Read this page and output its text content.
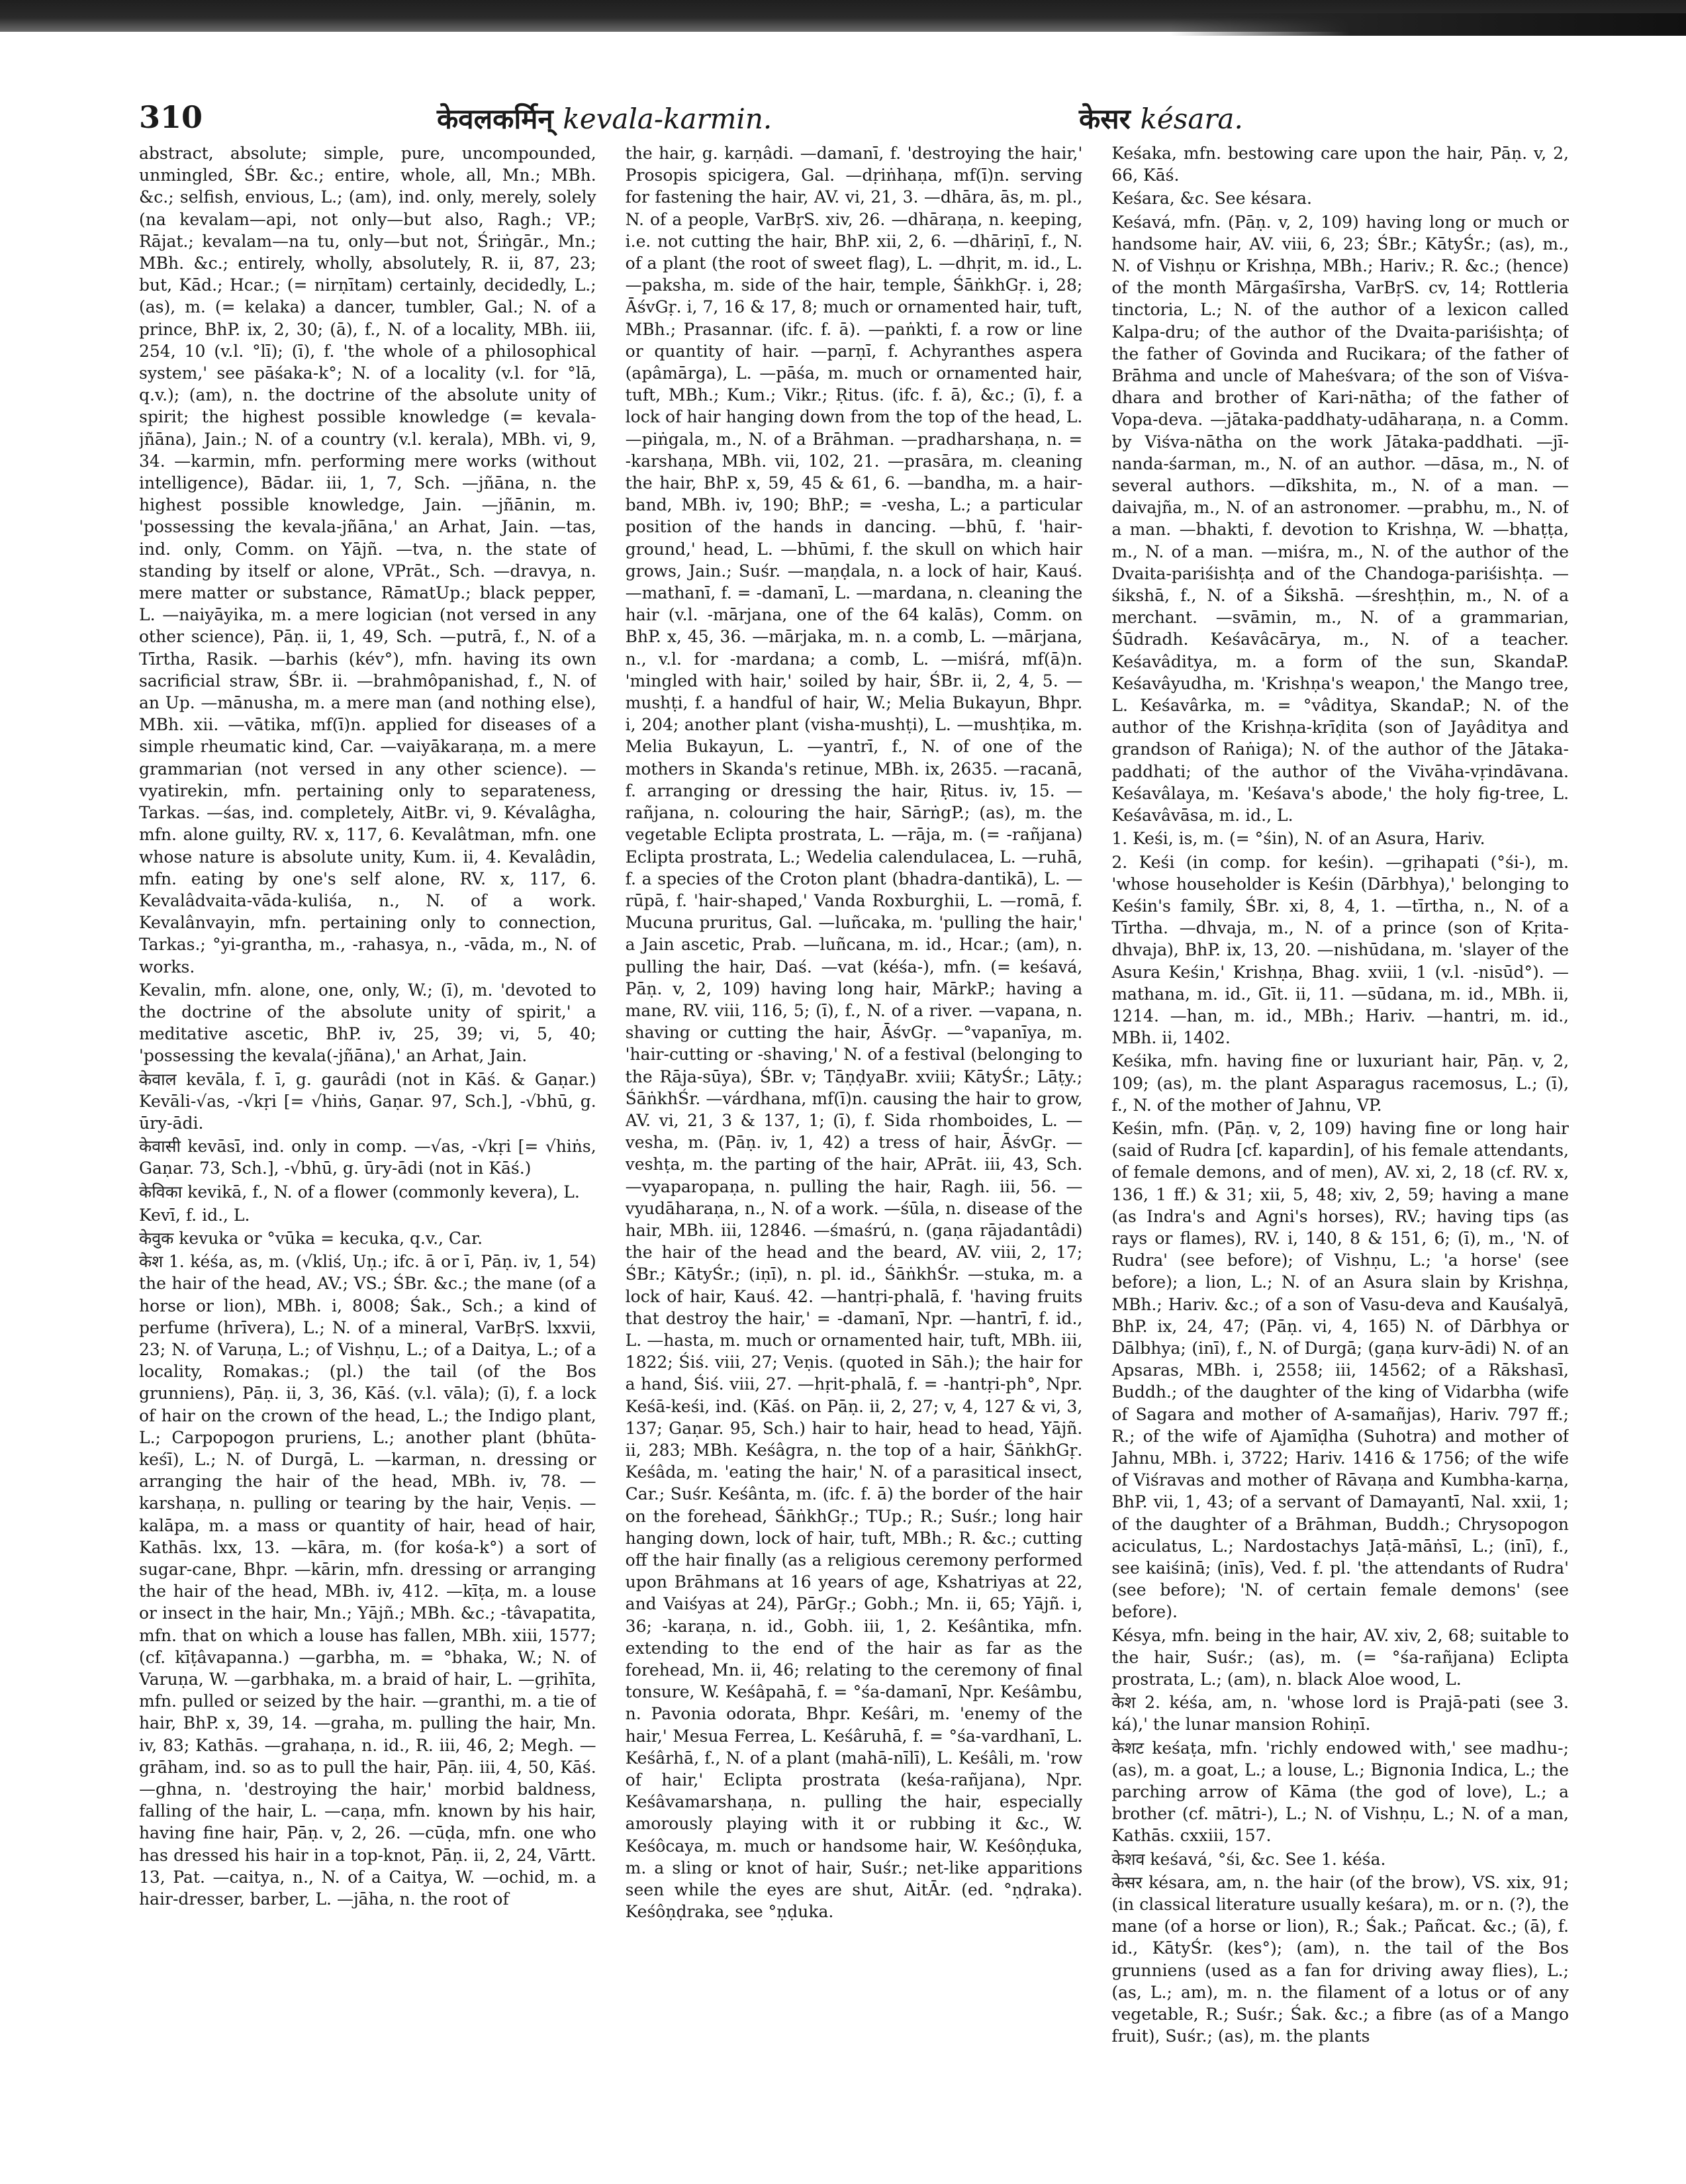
310	केवलकर्मिन् kevala-karmin.	केसर késara.

abstract, absolute; simple, pure, uncompounded, unmingled, ŚBr. &c.; entire, whole, all, Mn.; MBh. &c.; selfish, envious, L.; (am), ind. only, merely, solely (na kevalam—api, not only—but also, Ragh.; VP.; Rājat.; kevalam—na tu, only—but not, Śriṅgār., Mn.; MBh. &c.; entirely, wholly, absolutely, R. ii, 87, 23; but, Kād.; Hcar.; (= nirṇītam) certainly, decidedly, L.; (as), m. (= kelaka) a dancer, tumbler, Gal.; N. of a prince, BhP. ix, 2, 30; (ā), f., N. of a locality, MBh. iii, 254, 10 (v.l. °lī); (ī), f. 'the whole of a philosophical system,' see pāśaka-k°; N. of a locality (v.l. for °lā, q.v.); (am), n. the doctrine of the absolute unity of spirit; the highest possible knowledge (= kevala-jñāna), Jain.; N. of a country (v.l. kerala), MBh. vi, 9, 34. —karmin, mfn. performing mere works (without intelligence), Bādar. iii, 1, 7, Sch. —jñāna, n. the highest possible knowledge, Jain. —jñānin, m. 'possessing the kevala-jñāna,' an Arhat, Jain. —tas, ind. only, Comm. on Yājñ. —tva, n. the state of standing by itself or alone, VPrāt., Sch. —dravya, n. mere matter or substance, RāmatUp.; black pepper, L. —naiyāyika, m. a mere logician (not versed in any other science), Pāṇ. ii, 1, 49, Sch. —putrā, f., N. of a Tīrtha, Rasik. —barhis (kév°), mfn. having its own sacrificial straw, ŚBr. ii. —brahmôpanishad, f., N. of an Up. —mānusha, m. a mere man (and nothing else), MBh. xii. —vātika, mf(ī)n. applied for diseases of a simple rheumatic kind, Car. —vaiyākaraṇa, m. a mere grammarian (not versed in any other science). —vyatirekin, mfn. pertaining only to separateness, Tarkas. —śas, ind. completely, AitBr. vi, 9. Kévalâgha, mfn. alone guilty, RV. x, 117, 6. Kevalâtman, mfn. one whose nature is absolute unity, Kum. ii, 4. Kevalâdin, mfn. eating by one's self alone, RV. x, 117, 6. Kevalâdvaita-vāda-kuliśa, n., N. of a work. Kevalânvayin, mfn. pertaining only to connection, Tarkas.; °yi-grantha, m., -rahasya, n., -vāda, m., N. of works.

Kevalin, mfn. alone, one, only, W.; (ī), m. 'devoted to the doctrine of the absolute unity of spirit,' a meditative ascetic, BhP. iv, 25, 39; vi, 5, 40; 'possessing the kevala(-jñāna),' an Arhat, Jain.

केवाल kevāla, f. ī, g. gaurâdi (not in Kāś. & Gaṇar.) Kevāli-√as, -√kṛi [= √hiṅs, Gaṇar. 97, Sch.], -√bhū, g. ūry-ādi.

केवासी kevāsī, ind. only in comp. —√as, -√kṛi [= √hiṅs, Gaṇar. 73, Sch.], -√bhū, g. ūry-ādi (not in Kāś.)

केविका kevikā, f., N. of a flower (commonly kevera), L.

Kevī, f. id., L.

केवुक kevuka or °vūka = kecuka, q.v., Car.

केश 1. kéśa, as, m. (√kliś, Uṇ.; ifc. ā or ī, Pāṇ. iv, 1, 54) the hair of the head, AV.; VS.; ŚBr. &c.; the mane (of a horse or lion), MBh. i, 8008; Śak., Sch.; a kind of perfume (hrīvera), L.; N. of a mineral, VarBṛS. lxxvii, 23; N. of Varuṇa, L.; of Vishṇu, L.; of a Daitya, L.; of a locality, Romakas.; (pl.) the tail (of the Bos grunniens), Pāṇ. ii, 3, 36, Kāś. (v.l. vāla); (ī), f. a lock of hair on the crown of the head, L.; the Indigo plant, L.; Carpopogon pruriens, L.; another plant (bhūta-keśī), L.; N. of Durgā, L. —karman, n. dressing or arranging the hair of the head, MBh. iv, 78. —karshaṇa, n. pulling or tearing by the hair, Veṇis. —kalāpa, m. a mass or quantity of hair, head of hair, Kathās. lxx, 13. —kāra, m. (for kośa-k°) a sort of sugar-cane, Bhpr. —kārin, mfn. dressing or arranging the hair of the head, MBh. iv, 412. —kīṭa, m. a louse or insect in the hair, Mn.; Yājñ.; MBh. &c.; -tâvapatita, mfn. that on which a louse has fallen, MBh. xiii, 1577; (cf. kīṭâvapanna.) —garbha, m. = °bhaka, W.; N. of Varuṇa, W. —garbhaka, m. a braid of hair, L. —gṛihīta, mfn. pulled or seized by the hair. —granthi, m. a tie of hair, BhP. x, 39, 14. —graha, m. pulling the hair, Mn. iv, 83; Kathās. —grahaṇa, n. id., R. iii, 46, 2; Megh. —grāham, ind. so as to pull the hair, Pāṇ. iii, 4, 50, Kāś. —ghna, n. 'destroying the hair,' morbid baldness, falling of the hair, L. —caṇa, mfn. known by his hair, having fine hair, Pāṇ. v, 2, 26. —cūḍa, mfn. one who has dressed his hair in a top-knot, Pāṇ. ii, 2, 24, Vārtt. 13, Pat. —caitya, n., N. of a Caitya, W. —ochid, m. a hair-dresser, barber, L. —jāha, n. the root of

the hair, g. karṇâdi. —damanī, f. 'destroying the hair,' Prosopis spicigera, Gal. —dṛiṅhaṇa, mf(ī)n. serving for fastening the hair, AV. vi, 21, 3. —dhāra, ās, m. pl., N. of a people, VarBṛS. xiv, 26. —dhāraṇa, n. keeping, i.e. not cutting the hair, BhP. xii, 2, 6. —dhāriṇī, f., N. of a plant (the root of sweet flag), L. —dhṛit, m. id., L. —paksha, m. side of the hair, temple, ŚāṅkhGṛ. i, 28; ĀśvGṛ. i, 7, 16 & 17, 8; much or ornamented hair, tuft, MBh.; Prasannar. (ifc. f. ā). —paṅkti, f. a row or line or quantity of hair. —parṇī, f. Achyranthes aspera (apâmārga), L. —pāśa, m. much or ornamented hair, tuft, MBh.; Kum.; Vikr.; Ṛitus. (ifc. f. ā), &c.; (ī), f. a lock of hair hanging down from the top of the head, L. —piṅgala, m., N. of a Brāhman. —pradharshaṇa, n. = -karshaṇa, MBh. vii, 102, 21. —prasāra, m. cleaning the hair, BhP. x, 59, 45 & 61, 6. —bandha, m. a hair-band, MBh. iv, 190; BhP.; = -vesha, L.; a particular position of the hands in dancing. —bhū, f. 'hair-ground,' head, L. —bhūmi, f. the skull on which hair grows, Jain.; Suśr. —maṇḍala, n. a lock of hair, Kauś. —mathanī, f. = -damanī, L. —mardana, n. cleaning the hair (v.l. -mārjana, one of the 64 kalās), Comm. on BhP. x, 45, 36. —mārjaka, m. n. a comb, L. —mārjana, n., v.l. for -mardana; a comb, L. —miśrá, mf(ā)n. 'mingled with hair,' soiled by hair, ŚBr. ii, 2, 4, 5. —mushṭi, f. a handful of hair, W.; Melia Bukayun, Bhpr. i, 204; another plant (visha-mushṭi), L. —mushṭika, m. Melia Bukayun, L. —yantrī, f., N. of one of the mothers in Skanda's retinue, MBh. ix, 2635. —racanā, f. arranging or dressing the hair, Ṛitus. iv, 15. —rañjana, n. colouring the hair, SārṅgP.; (as), m. the vegetable Eclipta prostrata, L. —rāja, m. (= -rañjana) Eclipta prostrata, L.; Wedelia calendulacea, L. —ruhā, f. a species of the Croton plant (bhadra-dantikā), L. —rūpā, f. 'hair-shaped,' Vanda Roxburghii, L. —romā, f. Mucuna pruritus, Gal. —luñcaka, m. 'pulling the hair,' a Jain ascetic, Prab. —luñcana, m. id., Hcar.; (am), n. pulling the hair, Daś. —vat (kéśa-), mfn. (= keśavá, Pāṇ. v, 2, 109) having long hair, MārkP.; having a mane, RV. viii, 116, 5; (ī), f., N. of a river. —vapana, n. shaving or cutting the hair, ĀśvGṛ. —°vapanīya, m. 'hair-cutting or -shaving,' N. of a festival (belonging to the Rāja-sūya), ŚBr. v; TāṇḍyaBr. xviii; KātyŚr.; Lāṭy.; ŚāṅkhŚr. —várdhana, mf(ī)n. causing the hair to grow, AV. vi, 21, 3 & 137, 1; (ī), f. Sida rhomboides, L. —vesha, m. (Pāṇ. iv, 1, 42) a tress of hair, ĀśvGṛ. —veshṭa, m. the parting of the hair, APrāt. iii, 43, Sch. —vyaparopaṇa, n. pulling the hair, Ragh. iii, 56. —vyudāharaṇa, n., N. of a work. —śūla, n. disease of the hair, MBh. iii, 12846. —śmaśrú, n. (gaṇa rājadantâdi) the hair of the head and the beard, AV. viii, 2, 17; ŚBr.; KātyŚr.; (iṇī), n. pl. id., ŚāṅkhŚr. —stuka, m. a lock of hair, Kauś. 42. —hantṛi-phalā, f. 'having fruits that destroy the hair,' = -damanī, Npr. —hantrī, f. id., L. —hasta, m. much or ornamented hair, tuft, MBh. iii, 1822; Śiś. viii, 27; Veṇis. (quoted in Sāh.); the hair for a hand, Śiś. viii, 27. —hṛit-phalā, f. = -hantṛi-ph°, Npr. Keśā-keśi, ind. (Kāś. on Pāṇ. ii, 2, 27; v, 4, 127 & vi, 3, 137; Gaṇar. 95, Sch.) hair to hair, head to head, Yājñ. ii, 283; MBh. Keśâgra, n. the top of a hair, ŚāṅkhGṛ. Keśâda, m. 'eating the hair,' N. of a parasitical insect, Car.; Suśr. Keśânta, m. (ifc. f. ā) the border of the hair on the forehead, ŚāṅkhGṛ.; TUp.; R.; Suśr.; long hair hanging down, lock of hair, tuft, MBh.; R. &c.; cutting off the hair finally (as a religious ceremony performed upon Brāhmans at 16 years of age, Kshatriyas at 22, and Vaiśyas at 24), PārGṛ.; Gobh.; Mn. ii, 65; Yājñ. i, 36; -karaṇa, n. id., Gobh. iii, 1, 2. Keśântika, mfn. extending to the end of the hair as far as the forehead, Mn. ii, 46; relating to the ceremony of final tonsure, W. Keśâpahā, f. = °śa-damanī, Npr. Keśâmbu, n. Pavonia odorata, Bhpr. Keśâri, m. 'enemy of the hair,' Mesua Ferrea, L. Keśâruhā, f. = °śa-vardhanī, L. Keśârhā, f., N. of a plant (mahā-nīlī), L. Keśâli, m. 'row of hair,' Eclipta prostrata (keśa-rañjana), Npr. Keśâvamarshaṇa, n. pulling the hair, especially amorously playing with it or rubbing it &c., W. Keśôcaya, m. much or handsome hair, W. Keśôṇḍuka, m. a sling or knot of hair, Suśr.; net-like apparitions seen while the eyes are shut, AitĀr. (ed. °ṇḍraka). Keśôṇḍraka, see °ṇḍuka.

Keśaka, mfn. bestowing care upon the hair, Pāṇ. v, 2, 66, Kāś.

Keśara, &c. See késara.

Keśavá, mfn. (Pāṇ. v, 2, 109) having long or much or handsome hair, AV. viii, 6, 23; ŚBr.; KātyŚr.; (as), m., N. of Vishṇu or Krishṇa, MBh.; Hariv.; R. &c.; (hence) of the month Mārgaśīrsha, VarBṛS. cv, 14; Rottleria tinctoria, L.; N. of the author of a lexicon called Kalpa-dru; of the author of the Dvaita-pariśishṭa; of the father of Govinda and Rucikara; of the father of Brāhma and uncle of Maheśvara; of the son of Viśva-dhara and brother of Kari-nātha; of the father of Vopa-deva. —jātaka-paddhaty-udāharaṇa, n. a Comm. by Viśva-nātha on the work Jātaka-paddhati. —jī-nanda-śarman, m., N. of an author. —dāsa, m., N. of several authors. —dīkshita, m., N. of a man. —daivajña, m., N. of an astronomer. —prabhu, m., N. of a man. —bhakti, f. devotion to Krishṇa, W. —bhaṭṭa, m., N. of a man. —miśra, m., N. of the author of the Dvaita-pariśishṭa and of the Chandoga-pariśishṭa. —śikshā, f., N. of a Śikshā. —śreshṭhin, m., N. of a merchant. —svāmin, m., N. of a grammarian, Śūdradh. Keśavâcārya, m., N. of a teacher. Keśavâditya, m. a form of the sun, SkandaP. Keśavâyudha, m. 'Krishṇa's weapon,' the Mango tree, L. Keśavârka, m. = °vâditya, SkandaP.; N. of the author of the Krishṇa-krīḍita (son of Jayâditya and grandson of Raṅiga); N. of the author of the Jātaka-paddhati; of the author of the Vivāha-vṛindāvana. Keśavâlaya, m. 'Keśava's abode,' the holy fig-tree, L. Keśavâvāsa, m. id., L.

1. Keśi, is, m. (= °śin), N. of an Asura, Hariv.

2. Keśi (in comp. for keśin). —gṛihapati (°śi-), m. 'whose householder is Keśin (Dārbhya),' belonging to Keśin's family, ŚBr. xi, 8, 4, 1. —tīrtha, n., N. of a Tīrtha. —dhvaja, m., N. of a prince (son of Kṛita-dhvaja), BhP. ix, 13, 20. —nishūdana, m. 'slayer of the Asura Keśin,' Krishṇa, Bhag. xviii, 1 (v.l. -nisūd°). —mathana, m. id., Gīt. ii, 11. —sūdana, m. id., MBh. ii, 1214. —han, m. id., MBh.; Hariv. —hantri, m. id., MBh. ii, 1402.

Keśika, mfn. having fine or luxuriant hair, Pāṇ. v, 2, 109; (as), m. the plant Asparagus racemosus, L.; (ī), f., N. of the mother of Jahnu, VP.

Keśin, mfn. (Pāṇ. v, 2, 109) having fine or long hair (said of Rudra [cf. kapardin], of his female attendants, of female demons, and of men), AV. xi, 2, 18 (cf. RV. x, 136, 1 ff.) & 31; xii, 5, 48; xiv, 2, 59; having a mane (as Indra's and Agni's horses), RV.; having tips (as rays or flames), RV. i, 140, 8 & 151, 6; (ī), m., 'N. of Rudra' (see before); of Vishṇu, L.; 'a horse' (see before); a lion, L.; N. of an Asura slain by Krishṇa, MBh.; Hariv. &c.; of a son of Vasu-deva and Kauśalyā, BhP. ix, 24, 47; (Pāṇ. vi, 4, 165) N. of Dārbhya or Dālbhya; (inī), f., N. of Durgā; (gaṇa kurv-ādi) N. of an Apsaras, MBh. i, 2558; iii, 14562; of a Rākshasī, Buddh.; of the daughter of the king of Vidarbha (wife of Sagara and mother of A-samañjas), Hariv. 797 ff.; R.; of the wife of Ajamīḍha (Suhotra) and mother of Jahnu, MBh. i, 3722; Hariv. 1416 & 1756; of the wife of Viśravas and mother of Rāvaṇa and Kumbha-karṇa, BhP. vii, 1, 43; of a servant of Damayantī, Nal. xxii, 1; of the daughter of a Brāhman, Buddh.; Chrysopogon aciculatus, L.; Nardostachys Jaṭā-māṅsī, L.; (inī), f., see kaiśinā; (inīs), Ved. f. pl. 'the attendants of Rudra' (see before); 'N. of certain female demons' (see before).

Késya, mfn. being in the hair, AV. xiv, 2, 68; suitable to the hair, Suśr.; (as), m. (= °śa-rañjana) Eclipta prostrata, L.; (am), n. black Aloe wood, L.

केश 2. kéśa, am, n. 'whose lord is Prajā-pati (see 3. ká),' the lunar mansion Rohiṇī.

केशट keśaṭa, mfn. 'richly endowed with,' see madhu-; (as), m. a goat, L.; a louse, L.; Bignonia Indica, L.; the parching arrow of Kāma (the god of love), L.; a brother (cf. mātri-), L.; N. of Vishṇu, L.; N. of a man, Kathās. cxxiii, 157.

केशव keśavá, °śi, &c. See 1. kéśa.

केसर késara, am, n. the hair (of the brow), VS. xix, 91; (in classical literature usually keśara), m. or n. (?), the mane (of a horse or lion), R.; Śak.; Pañcat. &c.; (ā), f. id., KātyŚr. (kes°); (am), n. the tail of the Bos grunniens (used as a fan for driving away flies), L.; (as, L.; am), m. n. the filament of a lotus or of any vegetable, R.; Suśr.; Śak. &c.; a fibre (as of a Mango fruit), Suśr.; (as), m. the plants
